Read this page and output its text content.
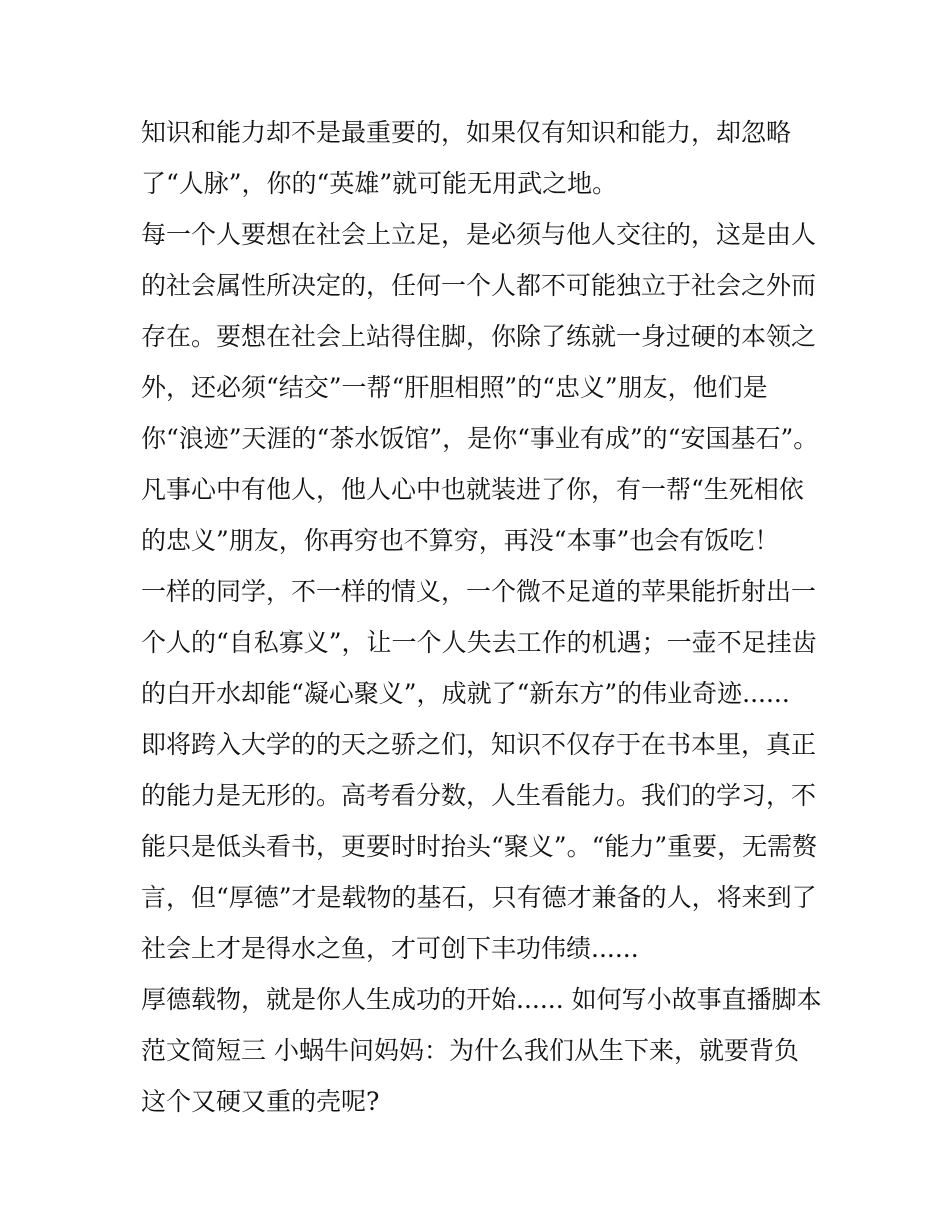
知识和能力却不是最重要的，如果仅有知识和能力，却忽略
了“人脉”，你的“英雄”就可能无用武之地。
每一个人要想在社会上立足，是必须与他人交往的，这是由人
的社会属性所决定的，任何一个人都不可能独立于社会之外而
存在。要想在社会上站得住脚，你除了练就一身过硬的本领之
外，还必须“结交”一帮“肝胆相照”的“忠义”朋友，他们是
你“浪迹”天涯的“茶水饭馆”，是你“事业有成”的“安国基石”。
凡事心中有他人，他人心中也就装进了你，有一帮“生死相依
的忠义”朋友，你再穷也不算穷，再没“本事”也会有饭吃！
一样的同学，不一样的情义，一个微不足道的苹果能折射出一
个人的“自私寡义”，让一个人失去工作的机遇；一壶不足挂齿
的白开水却能“凝心聚义”，成就了“新东方”的伟业奇迹......
即将跨入大学的的天之骄之们，知识不仅存于在书本里，真正
的能力是无形的。高考看分数，人生看能力。我们的学习，不
能只是低头看书，更要时时抬头“聚义”。“能力”重要，无需赘
言，但“厚德”才是载物的基石，只有德才兼备的人，将来到了
社会上才是得水之鱼，才可创下丰功伟绩......
厚德载物，就是你人生成功的开始...... 如何写小故事直播脚本
范文简短三 小蜗牛问妈妈：为什么我们从生下来，就要背负
这个又硬又重的壳呢?
